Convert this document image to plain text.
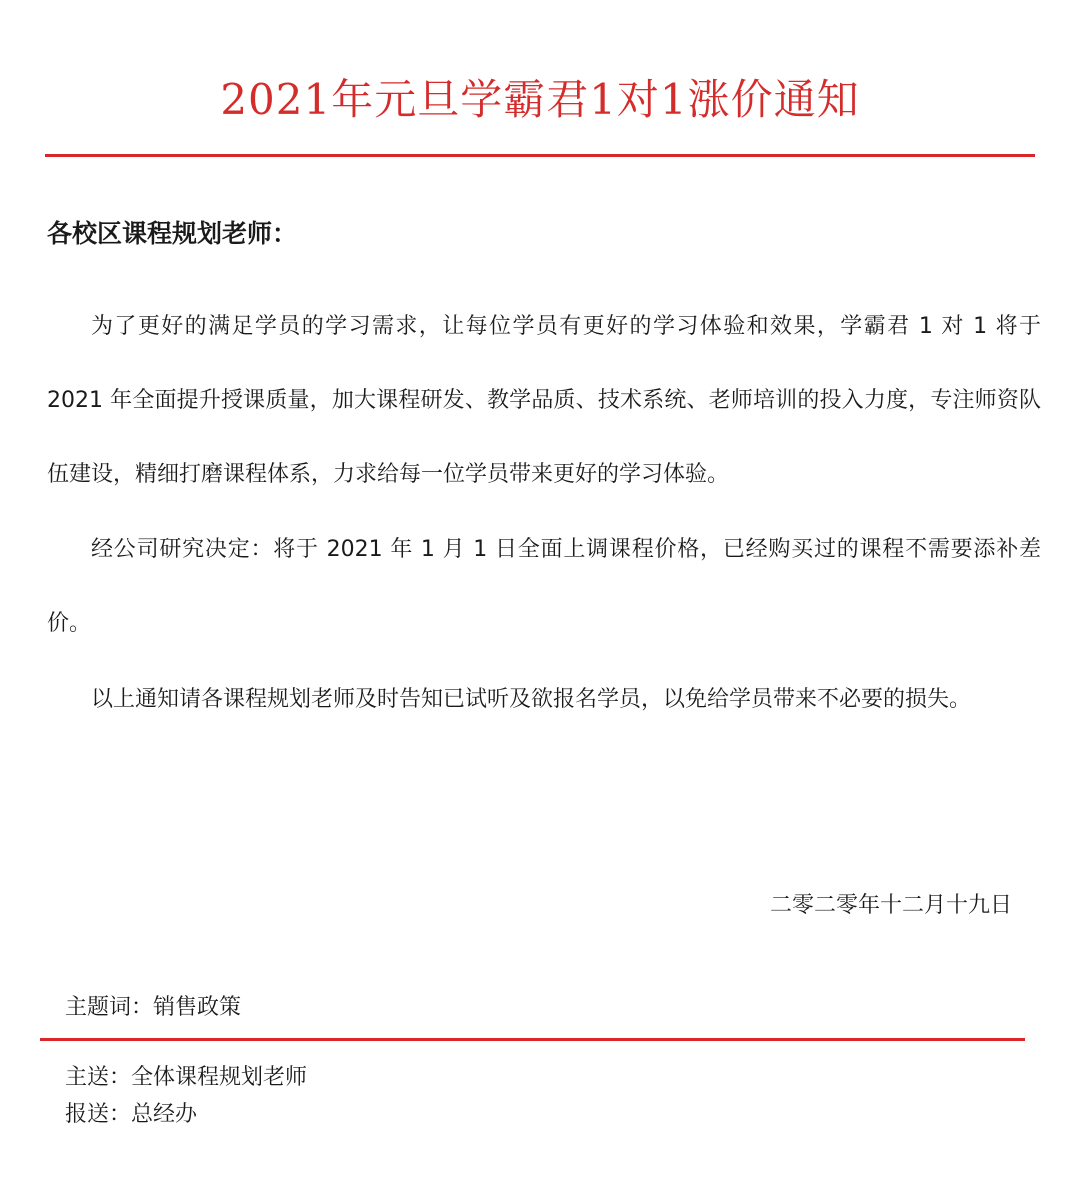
2021年元旦学霸君1对1涨价通知
各校区课程规划老师：

为了更好的满足学员的学习需求，让每位学员有更好的学习体验和效果，学霸君 1 对 1 将于 2021 年全面提升授课质量，加大课程研发、教学品质、技术系统、老师培训的投入力度，专注师资队伍建设，精细打磨课程体系，力求给每一位学员带来更好的学习体验。

经公司研究决定：将于 2021 年 1 月 1 日全面上调课程价格，已经购买过的课程不需要添补差价。

以上通知请各课程规划老师及时告知已试听及欲报名学员，以免给学员带来不必要的损失。

二零二零年十二月十九日
主题词：销售政策
主送：全体课程规划老师
报送：总经办
